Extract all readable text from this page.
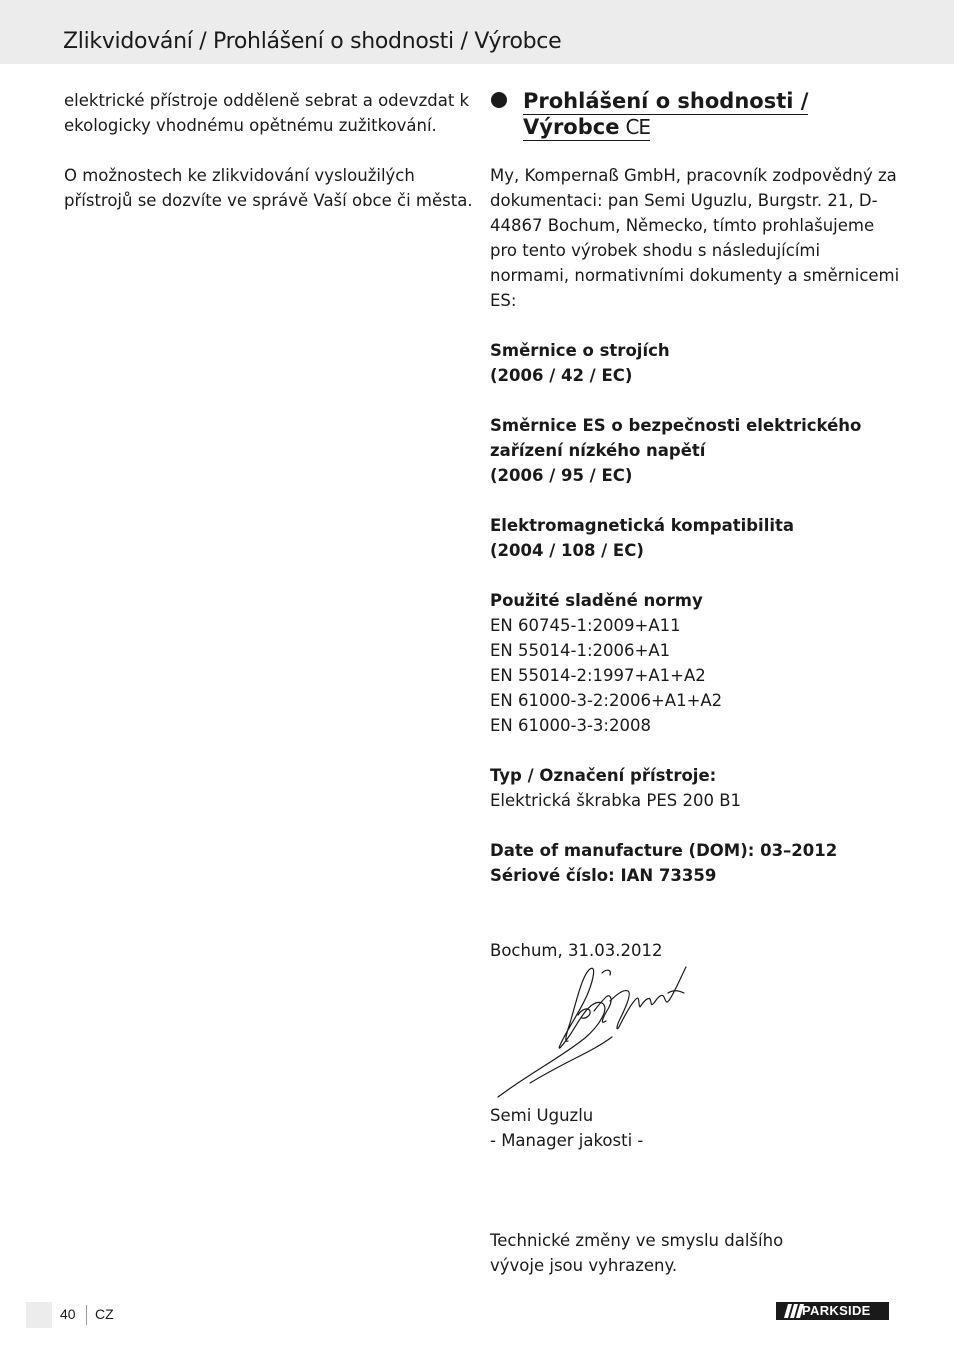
Zlikvidování / Prohlášení o shodnosti / Výrobce

elektrické přístroje odděleně sebrat a odevzdat k ekologicky vhodnému opětnému zužitkování.

O možnostech ke zlikvidování vysloužilých přístrojů se dozvíte ve správě Vaší obce či města.

Prohlášení o shodnosti /
Výrobce CE

My, Kompernaß GmbH, pracovník zodpovědný za dokumentaci: pan Semi Uguzlu, Burgstr. 21, D-44867 Bochum, Německo, tímto prohlašujeme pro tento výrobek shodu s následujícími normami, normativními dokumenty a směrnicemi ES:

Směrnice o strojích

(2006 / 42 / EC)

Směrnice ES o bezpečnosti elektrického zařízení nízkého napětí

(2006 / 95 / EC)

Elektromagnetická kompatibilita

(2004 / 108 / EC)

Použité sladěné normy

EN 60745-1:2009+A11

EN 55014-1:2006+A1

EN 55014-2:1997+A1+A2

EN 61000-3-2:2006+A1+A2

EN 61000-3-3:2008

Typ / Označení přístroje:

Elektrická škrabka PES 200 B1

Date of manufacture (DOM): 03–2012

Sériové číslo: IAN 73359

Bochum, 31.03.2012

Semi Uguzlu

- Manager jakosti -

Technické změny ve smyslu dalšího vývoje jsou vyhrazeny.

40 CZ	PARKSIDE
